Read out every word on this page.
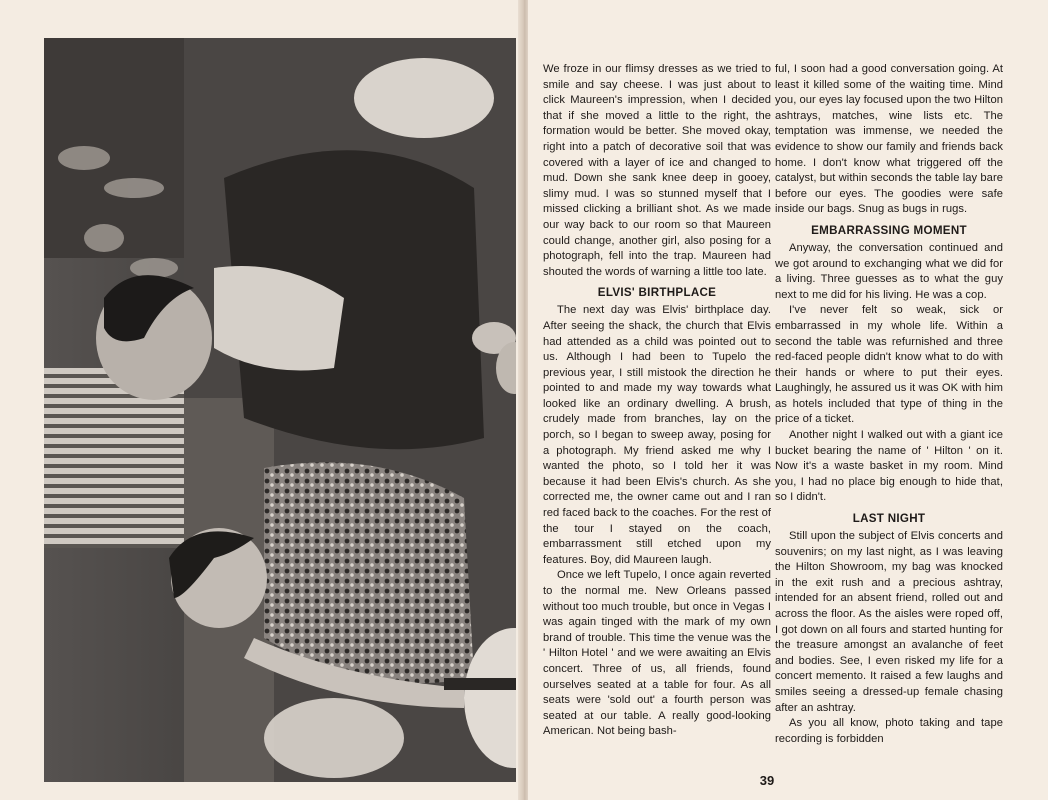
We froze in our flimsy dresses as we tried to smile and say cheese. I was just about to click Maureen's impression, when I decided that if she moved a little to the right, the formation would be better. She moved okay, right into a patch of decorative soil that was covered with a layer of ice and changed to mud. Down she sank knee deep in gooey, slimy mud. I was so stunned myself that I missed clicking a brilliant shot. As we made our way back to our room so that Maureen could change, another girl, also posing for a photograph, fell into the trap. Maureen had shouted the words of warning a little too late.

ELVIS' BIRTHPLACE

The next day was Elvis' birthplace day. After seeing the shack, the church that Elvis had attended as a child was pointed out to us. Although I had been to Tupelo the previous year, I still mistook the direction he pointed to and made my way towards what looked like an ordinary dwelling. A brush, crudely made from branches, lay on the porch, so I began to sweep away, posing for a photograph. My friend asked me why I wanted the photo, so I told her it was because it had been Elvis's church. As she corrected me, the owner came out and I ran red faced back to the coaches. For the rest of the tour I stayed on the coach, embarrassment still etched upon my features. Boy, did Maureen laugh.

Once we left Tupelo, I once again reverted to the normal me. New Orleans passed without too much trouble, but once in Vegas I was again tinged with the mark of my own brand of trouble. This time the venue was the ' Hilton Hotel ' and we were awaiting an Elvis concert. Three of us, all friends, found ourselves seated at a table for four. As all seats were 'sold out' a fourth person was seated at our table. A really good-looking American. Not being bash-

ful, I soon had a good conversation going. At least it killed some of the waiting time. Mind you, our eyes lay focused upon the two Hilton ashtrays, matches, wine lists etc. The temptation was immense, we needed the evidence to show our family and friends back home. I don't know what triggered off the catalyst, but within seconds the table lay bare before our eyes. The goodies were safe inside our bags. Snug as bugs in rugs.

EMBARRASSING MOMENT

Anyway, the conversation continued and we got around to exchanging what we did for a living. Three guesses as to what the guy next to me did for his living. He was a cop.

I've never felt so weak, sick or embarrassed in my whole life. Within a second the table was refurnished and three red-faced people didn't know what to do with their hands or where to put their eyes. Laughingly, he assured us it was OK with him as hotels included that type of thing in the price of a ticket.

Another night I walked out with a giant ice bucket bearing the name of ' Hilton ' on it. Now it's a waste basket in my room. Mind you, I had no place big enough to hide that, so I didn't.

LAST NIGHT

Still upon the subject of Elvis concerts and souvenirs; on my last night, as I was leaving the Hilton Showroom, my bag was knocked in the exit rush and a precious ashtray, intended for an absent friend, rolled out and across the floor. As the aisles were roped off, I got down on all fours and started hunting for the treasure amongst an avalanche of feet and bodies. See, I even risked my life for a concert memento. It raised a few laughs and smiles seeing a dressed-up female chasing after an ashtray.

As you all know, photo taking and tape recording is forbidden

39
